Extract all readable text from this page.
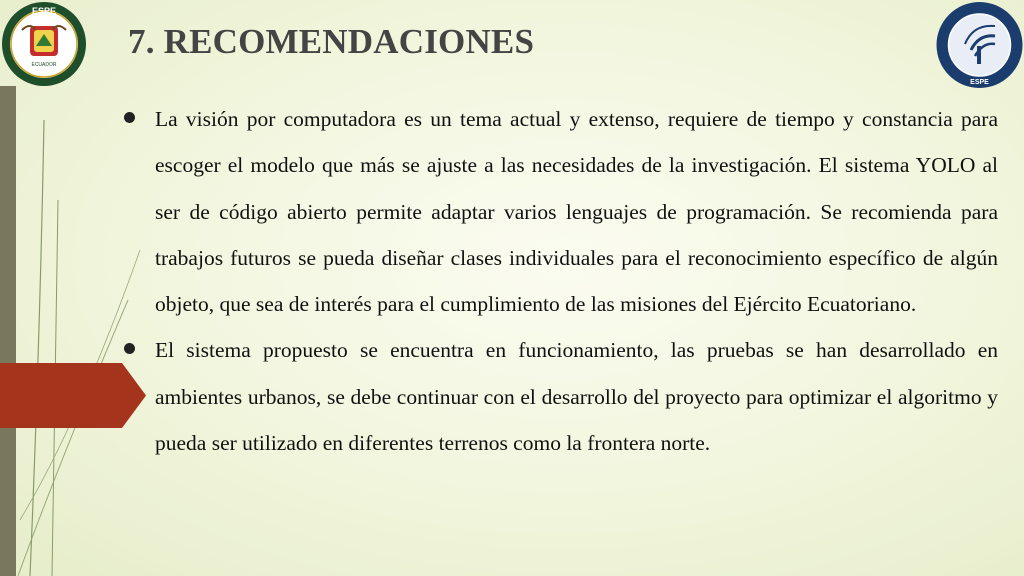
ESPE
ECUADOR
ESPE
7. RECOMENDACIONES
La visión por computadora es un tema actual y extenso, requiere de tiempo y constancia para escoger el modelo que más se ajuste a las necesidades de la investigación. El sistema YOLO al ser de código abierto permite adaptar varios lenguajes de programación. Se recomienda para trabajos futuros se pueda diseñar clases individuales para el reconocimiento específico de algún objeto, que sea de interés para el cumplimiento de las misiones del Ejército Ecuatoriano.
El sistema propuesto se encuentra en funcionamiento, las pruebas se han desarrollado en ambientes urbanos, se debe continuar con el desarrollo del proyecto para optimizar el algoritmo y pueda ser utilizado en diferentes terrenos como la frontera norte.
